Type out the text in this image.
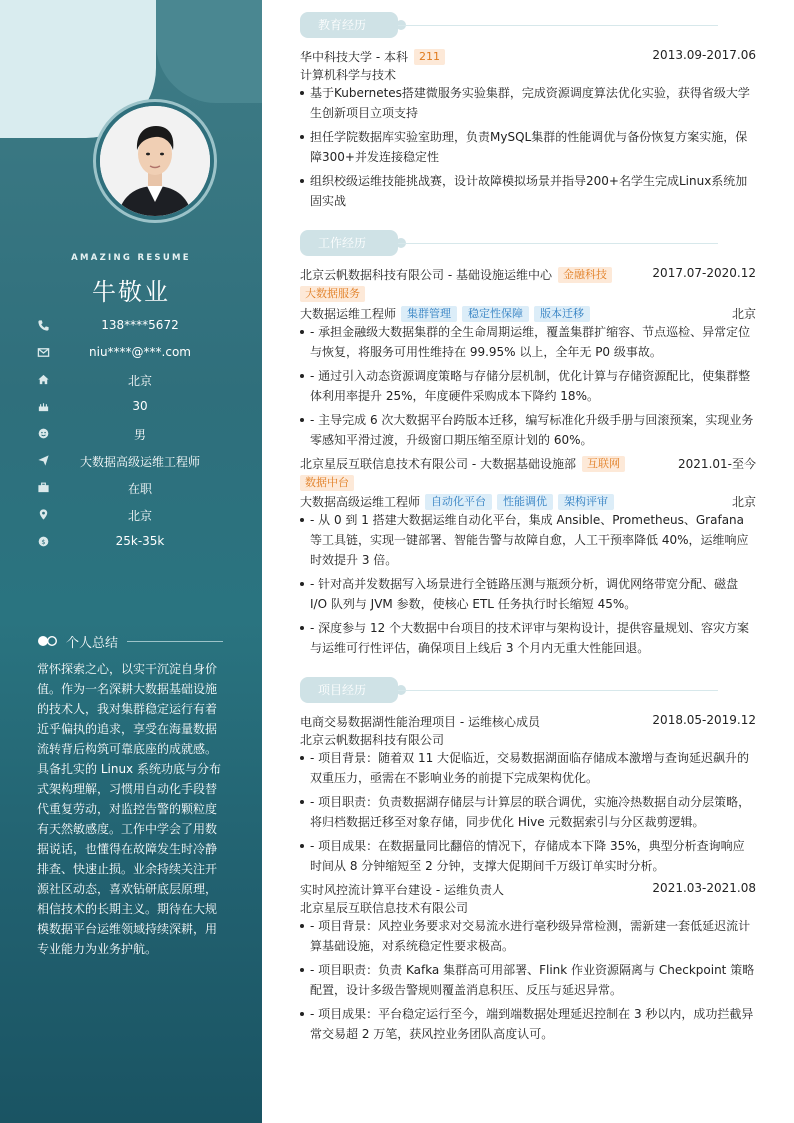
AMAZING RESUME
牛敬业
138****5672
niu****@***.com
北京
30
男
大数据高级运维工程师
在职
北京
$	25k-35k
个人总结
常怀探索之心，以实干沉淀自身价值。作为一名深耕大数据基础设施的技术人，我对集群稳定运行有着近乎偏执的追求，享受在海量数据流转背后构筑可靠底座的成就感。具备扎实的 Linux 系统功底与分布式架构理解，习惯用自动化手段替代重复劳动，对监控告警的颗粒度有天然敏感度。工作中学会了用数据说话，也懂得在故障发生时冷静排查、快速止损。业余持续关注开源社区动态，喜欢钻研底层原理，相信技术的长期主义。期待在大规模数据平台运维领域持续深耕，用专业能力为业务护航。
教育经历
华中科技大学 - 本科 211	2013.09-2017.06
计算机科学与技术
基于Kubernetes搭建微服务实验集群，完成资源调度算法优化实验，获得省级大学生创新项目立项支持
担任学院数据库实验室助理，负责MySQL集群的性能调优与备份恢复方案实施，保障300+并发连接稳定性
组织校级运维技能挑战赛，设计故障模拟场景并指导200+名学生完成Linux系统加固实战
工作经历
北京云帆数据科技有限公司 - 基础设施运维中心 金融科技	2017.07-2020.12
大数据服务
大数据运维工程师 集群管理 稳定性保障 版本迁移	北京
- 承担金融级大数据集群的全生命周期运维，覆盖集群扩缩容、节点巡检、异常定位与恢复，将服务可用性维持在 99.95% 以上，全年无 P0 级事故。
- 通过引入动态资源调度策略与存储分层机制，优化计算与存储资源配比，使集群整体利用率提升 25%，年度硬件采购成本下降约 18%。
- 主导完成 6 次大数据平台跨版本迁移，编写标准化升级手册与回滚预案，实现业务零感知平滑过渡，升级窗口期压缩至原计划的 60%。
北京星辰互联信息技术有限公司 - 大数据基础设施部 互联网	2021.01-至今
数据中台
大数据高级运维工程师 自动化平台 性能调优 架构评审	北京
- 从 0 到 1 搭建大数据运维自动化平台，集成 Ansible、Prometheus、Grafana 等工具链，实现一键部署、智能告警与故障自愈，人工干预率降低 40%，运维响应时效提升 3 倍。
- 针对高并发数据写入场景进行全链路压测与瓶颈分析，调优网络带宽分配、磁盘 I/O 队列与 JVM 参数，使核心 ETL 任务执行时长缩短 45%。
- 深度参与 12 个大数据中台项目的技术评审与架构设计，提供容量规划、容灾方案与运维可行性评估，确保项目上线后 3 个月内无重大性能回退。
项目经历
电商交易数据湖性能治理项目 - 运维核心成员	2018.05-2019.12
北京云帆数据科技有限公司
- 项目背景：随着双 11 大促临近，交易数据湖面临存储成本激增与查询延迟飙升的双重压力，亟需在不影响业务的前提下完成架构优化。
- 项目职责：负责数据湖存储层与计算层的联合调优，实施冷热数据自动分层策略，将归档数据迁移至对象存储，同步优化 Hive 元数据索引与分区裁剪逻辑。
- 项目成果：在数据量同比翻倍的情况下，存储成本下降 35%，典型分析查询响应时间从 8 分钟缩短至 2 分钟，支撑大促期间千万级订单实时分析。
实时风控流计算平台建设 - 运维负责人	2021.03-2021.08
北京星辰互联信息技术有限公司
- 项目背景：风控业务要求对交易流水进行毫秒级异常检测，需新建一套低延迟流计算基础设施，对系统稳定性要求极高。
- 项目职责：负责 Kafka 集群高可用部署、Flink 作业资源隔离与 Checkpoint 策略配置，设计多级告警规则覆盖消息积压、反压与延迟异常。
- 项目成果：平台稳定运行至今，端到端数据处理延迟控制在 3 秒以内，成功拦截异常交易超 2 万笔，获风控业务团队高度认可。
